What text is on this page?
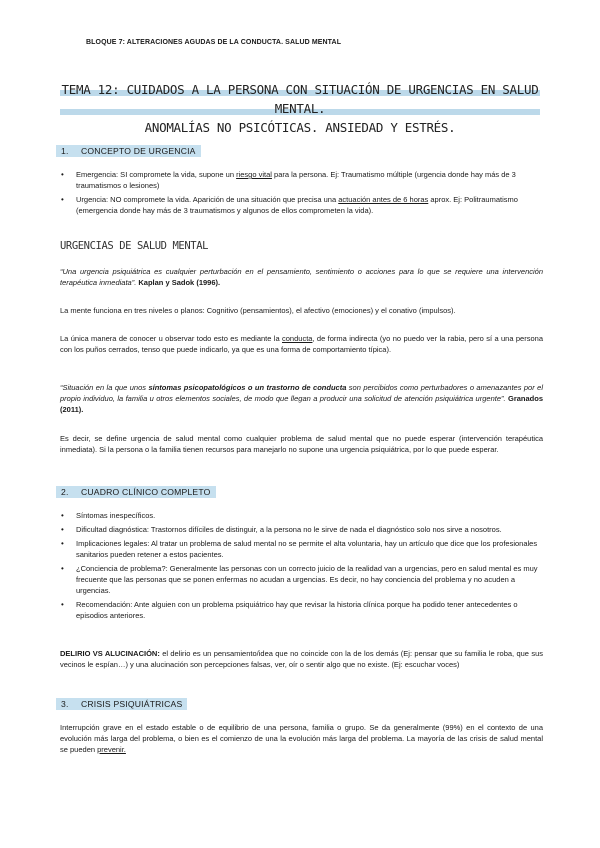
BLOQUE 7: ALTERACIONES AGUDAS DE LA CONDUCTA. SALUD MENTAL
TEMA 12: CUIDADOS A LA PERSONA CON SITUACIÓN DE URGENCIAS EN SALUD MENTAL.
ANOMALÍAS NO PSICÓTICAS. ANSIEDAD Y ESTRÉS.
1. CONCEPTO DE URGENCIA
• Emergencia: SI compromete la vida, supone un riesgo vital para la persona. Ej: Traumatismo múltiple (urgencia donde hay más de 3 traumatismos o lesiones)
• Urgencia: NO compromete la vida. Aparición de una situación que precisa una actuación antes de 6 horas aprox. Ej: Politraumatismo (emergencia donde hay más de 3 traumatismos y algunos de ellos comprometen la vida).
URGENCIAS DE SALUD MENTAL
“Una urgencia psiquiátrica es cualquier perturbación en el pensamiento, sentimiento o acciones para lo que se requiere una intervención terapéutica inmediata”. Kaplan y Sadok (1996).
La mente funciona en tres niveles o planos: Cognitivo (pensamientos), el afectivo (emociones) y el conativo (impulsos).
La única manera de conocer u observar todo esto es mediante la conducta, de forma indirecta (yo no puedo ver la rabia, pero sí a una persona con los puños cerrados, tenso que puede indicarlo, ya que es una forma de comportamiento típica).
“Situación en la que unos síntomas psicopatológicos o un trastorno de conducta son percibidos como perturbadores o amenazantes por el propio individuo, la familia u otros elementos sociales, de modo que llegan a producir una solicitud de atención psiquiátrica urgente”. Granados (2011).
Es decir, se define urgencia de salud mental como cualquier problema de salud mental que no puede esperar (intervención terapéutica inmediata). Si la persona o la familia tienen recursos para manejarlo no supone una urgencia psiquiátrica, por lo que puede esperar.
2. CUADRO CLÍNICO COMPLETO
• Síntomas inespecíficos.
• Dificultad diagnóstica: Trastornos difíciles de distinguir, a la persona no le sirve de nada el diagnóstico solo nos sirve a nosotros.
• Implicaciones legales: Al tratar un problema de salud mental no se permite el alta voluntaria, hay un artículo que dice que los profesionales sanitarios pueden retener a estos pacientes.
• ¿Conciencia de problema?: Generalmente las personas con un correcto juicio de la realidad van a urgencias, pero en salud mental es muy frecuente que las personas que se ponen enfermas no acudan a urgencias. Es decir, no hay conciencia del problema y no acuden a urgencias.
• Recomendación: Ante alguien con un problema psiquiátrico hay que revisar la historia clínica porque ha podido tener antecedentes o episodios anteriores.
DELIRIO VS ALUCINACIÓN: el delirio es un pensamiento/idea que no coincide con la de los demás (Ej: pensar que su familia le roba, que sus vecinos le espían…) y una alucinación son percepciones falsas, ver, oír o sentir algo que no existe. (Ej: escuchar voces)
3. CRISIS PSIQUIÁTRICAS
Interrupción grave en el estado estable o de equilibrio de una persona, familia o grupo. Se da generalmente (99%) en el contexto de una evolución más larga del problema, o bien es el comienzo de una la evolución más larga del problema. La mayoría de las crisis de salud mental se pueden prevenir.
